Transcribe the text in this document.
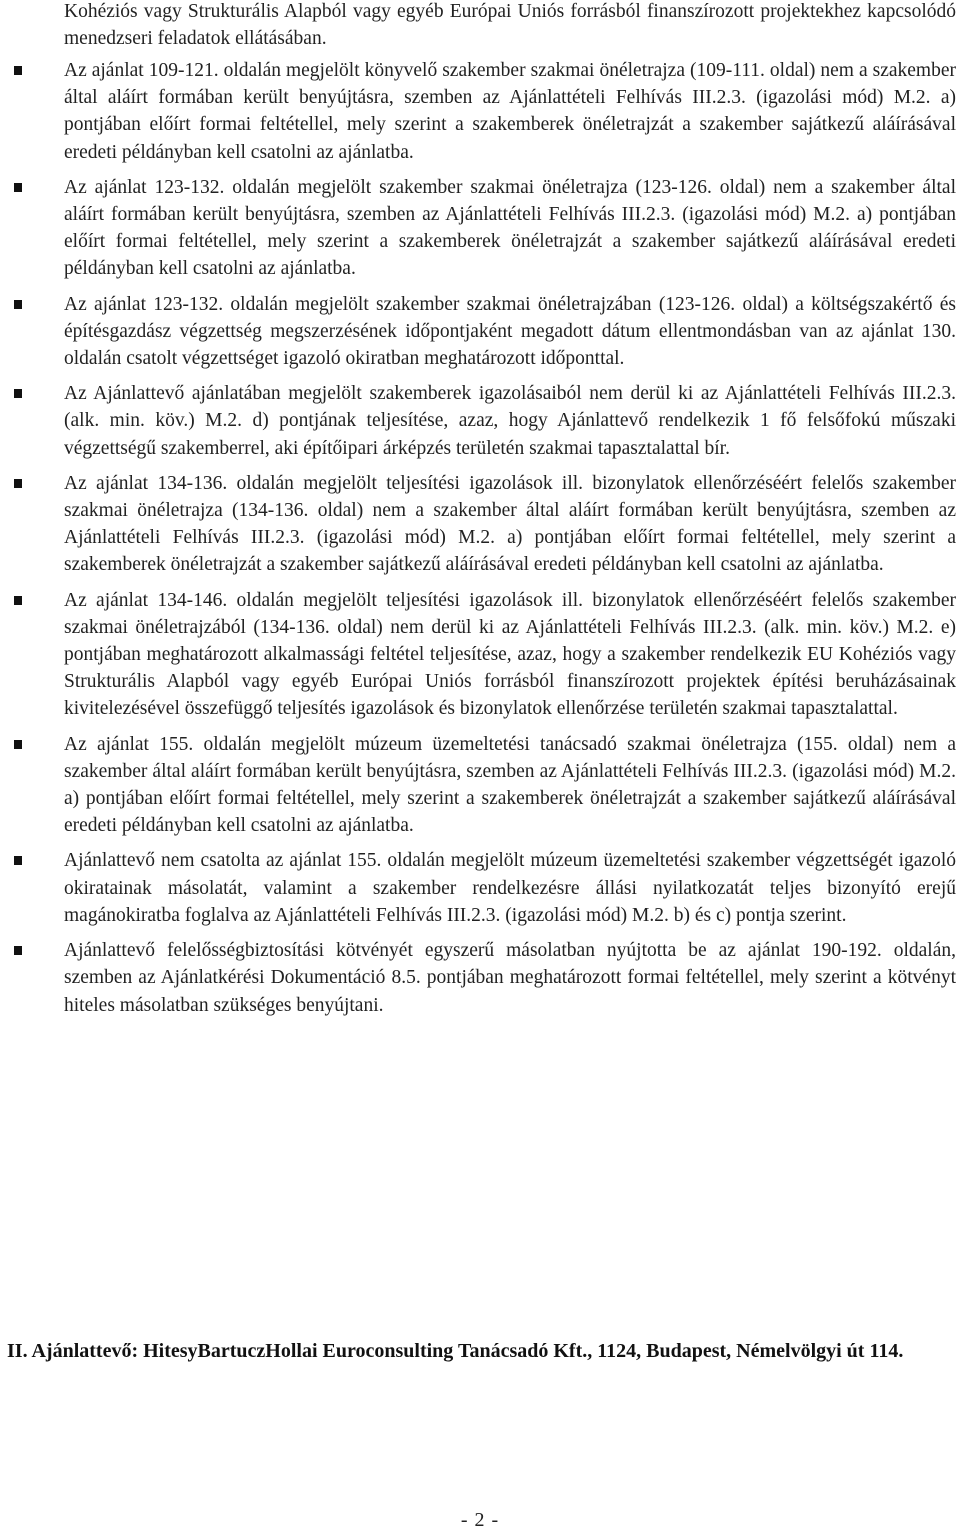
Kohéziós vagy Strukturális Alapból vagy egyéb Európai Uniós forrásból finanszírozott projektekhez kapcsolódó menedzseri feladatok ellátásában.

Az ajánlat 109-121. oldalán megjelölt könyvelő szakember szakmai önéletrajza (109-111. oldal) nem a szakember által aláírt formában került benyújtásra, szemben az Ajánlattételi Felhívás III.2.3. (igazolási mód) M.2. a) pontjában előírt formai feltétellel, mely szerint a szakemberek önéletrajzát a szakember sajátkezű aláírásával eredeti példányban kell csatolni az ajánlatba.
Az ajánlat 123-132. oldalán megjelölt szakember szakmai önéletrajza (123-126. oldal) nem a szakember által aláírt formában került benyújtásra, szemben az Ajánlattételi Felhívás III.2.3. (igazolási mód) M.2. a) pontjában előírt formai feltétellel, mely szerint a szakemberek önéletrajzát a szakember sajátkezű aláírásával eredeti példányban kell csatolni az ajánlatba.
Az ajánlat 123-132. oldalán megjelölt szakember szakmai önéletrajzában (123-126. oldal) a költségszakértő és építésgazdász végzettség megszerzésének időpontjaként megadott dátum ellentmondásban van az ajánlat 130. oldalán csatolt végzettséget igazoló okiratban meghatározott időponttal.
Az Ajánlattevő ajánlatában megjelölt szakemberek igazolásaiból nem derül ki az Ajánlattételi Felhívás III.2.3. (alk. min. köv.) M.2. d) pontjának teljesítése, azaz, hogy Ajánlattevő rendelkezik 1 fő felsőfokú műszaki végzettségű szakemberrel, aki építőipari árképzés területén szakmai tapasztalattal bír.
Az ajánlat 134-136. oldalán megjelölt teljesítési igazolások ill. bizonylatok ellenőrzéséért felelős szakember szakmai önéletrajza (134-136. oldal) nem a szakember által aláírt formában került benyújtásra, szemben az Ajánlattételi Felhívás III.2.3. (igazolási mód) M.2. a) pontjában előírt formai feltétellel, mely szerint a szakemberek önéletrajzát a szakember sajátkezű aláírásával eredeti példányban kell csatolni az ajánlatba.
Az ajánlat 134-146. oldalán megjelölt teljesítési igazolások ill. bizonylatok ellenőrzéséért felelős szakember szakmai önéletrajzából (134-136. oldal) nem derül ki az Ajánlattételi Felhívás III.2.3. (alk. min. köv.) M.2. e) pontjában meghatározott alkalmassági feltétel teljesítése, azaz, hogy a szakember rendelkezik EU Kohéziós vagy Strukturális Alapból vagy egyéb Európai Uniós forrásból finanszírozott projektek építési beruházásainak kivitelezésével összefüggő teljesítés igazolások és bizonylatok ellenőrzése területén szakmai tapasztalattal.
Az ajánlat 155. oldalán megjelölt múzeum üzemeltetési tanácsadó szakmai önéletrajza (155. oldal) nem a szakember által aláírt formában került benyújtásra, szemben az Ajánlattételi Felhívás III.2.3. (igazolási mód) M.2. a) pontjában előírt formai feltétellel, mely szerint a szakemberek önéletrajzát a szakember sajátkezű aláírásával eredeti példányban kell csatolni az ajánlatba.
Ajánlattevő nem csatolta az ajánlat 155. oldalán megjelölt múzeum üzemeltetési szakember végzettségét igazoló okiratainak másolatát, valamint a szakember rendelkezésre állási nyilatkozatát teljes bizonyító erejű magánokiratba foglalva az Ajánlattételi Felhívás III.2.3. (igazolási mód) M.2. b) és c) pontja szerint.
Ajánlattevő felelősségbiztosítási kötvényét egyszerű másolatban nyújtotta be az ajánlat 190-192. oldalán, szemben az Ajánlatkérési Dokumentáció 8.5. pontjában meghatározott formai feltétellel, mely szerint a kötvényt hiteles másolatban szükséges benyújtani.
II. Ajánlattevő: HitesyBartuczHollai Euroconsulting Tanácsadó Kft., 1124, Budapest, Némelvölgyi út 114.
- 2 -
